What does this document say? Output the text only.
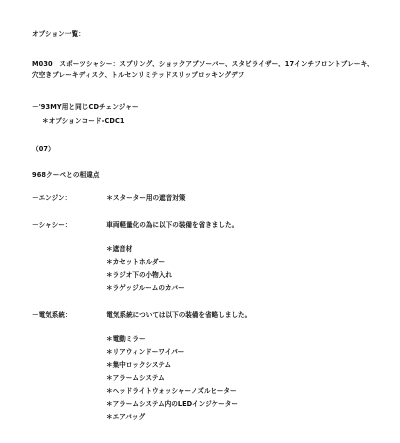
オプション一覧：
M030　スポーツシャシー：スプリング、ショックアブソーバー、スタビライザー、17インチフロントブレーキ、穴空きブレーキディスク、トルセンリミテッドスリップロッキングデフ
－'93MY用と同じCDチェンジャー
＊オプションコード-CDC1
（07）
968クーペとの相違点
－エンジン：	＊スターター用の遮音対策
－シャシー：	車両軽量化の為に以下の装備を省きました。
＊遮音材
＊カセットホルダー
＊ラジオ下の小物入れ
＊ラゲッジルームのカバー
－電気系統：	電気系統については以下の装備を省略しました。
＊電動ミラー
＊リアウィンドーワイパー
＊集中ロックシステム
＊アラームシステム
＊ヘッドライトウォッシャーノズルヒーター
＊アラームシステム内のLEDインジケーター
＊エアバッグ
